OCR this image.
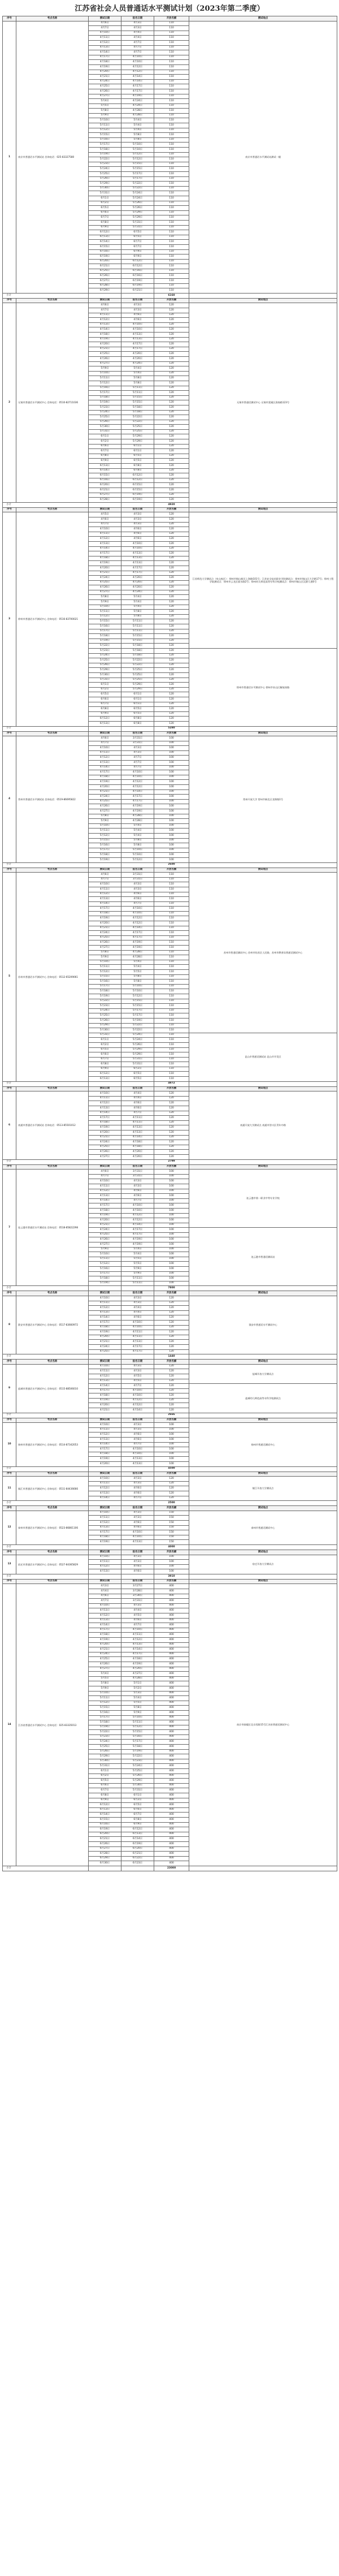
江苏省社会人员普通话水平测试计划（2023年第二季度）
序号	考点名称	测试日期	报名日期	开放名额	测试地点
1	南京市普通话水平测试站 咨询电话：025-83327580	4月6日	4月3日	110	南京市普通话水平测试站测试一楼
		4月7日	4月3日	110	
		4月10日	4月4日	110	
		4月11日	4月4日	110	
		4月12日	4月7日	110	
		4月13日	4月7日	110	
		4月14日	4月7日	110	
		4月17日	4月10日	110	
		4月18日	4月10日	110	
		4月19日	4月12日	110	
		4月20日	4月12日	110	
		4月21日	4月14日	110	
		4月24日	4月14日	110	
		4月25日	4月17日	110	
		4月26日	4月17日	110	
		4月27日	4月19日	110	
		5月4日	4月24日	110	
		5月5日	4月24日	110	
		5月8日	4月28日	110	
		5月9日	4月28日	110	
		5月10日	5月4日	110	
		5月11日	5月4日	110	
		5月12日	5月4日	110	
		5月15日	5月8日	110	
		5月16日	5月8日	110	
		5月17日	5月10日	110	
		5月18日	5月10日	110	
		5月19日	5月12日	110	
		5月22日	5月12日	110	
		5月23日	5月15日	110	
		5月24日	5月15日	110	
		5月25日	5月17日	110	
		5月26日	5月17日	110	
		5月29日	5月22日	110	
		5月30日	5月22日	110	
		5月31日	5月24日	110	
		6月1日	5月24日	110	
		6月2日	5月26日	110	
		6月5日	5月26日	110	
		6月6日	5月29日	110	
		6月7日	5月29日	110	
		6月8日	5月31日	110	
		6月9日	5月31日	110	
		6月12日	6月5日	110	
		6月13日	6月5日	110	
		6月14日	6月7日	110	
		6月15日	6月7日	110	
		6月16日	6月9日	110	
		6月19日	6月9日	110	
		6月20日	6月12日	110	
		6月21日	6月12日	110	
		6月25日	6月16日	110	
		6月26日	6月16日	110	
		6月27日	6月19日	110	
		6月28日	6月19日	110	
		6月29日	6月21日	110	
小计				6160	
序号	考点名称	测试日期	报名日期	开放名额	测试地点
2	无锡市普通话水平测试中心 咨询电话：0510-82711036	4月6日	4月3日	120	无锡市普通话测试中心 无锡市梁溪区清扬路123号
		4月7日	4月3日	120	
		4月11日	4月6日	120	
		4月12日	4月6日	120	
		4月13日	4月10日	120	
		4月14日	4月10日	120	
		4月18日	4月13日	120	
		4月19日	4月13日	120	
		4月20日	4月17日	120	
		4月21日	4月17日	120	
		4月25日	4月20日	120	
		4月26日	4月20日	120	
		4月27日	4月24日	120	
		5月9日	5月4日	120	
		5月10日	5月4日	120	
		5月11日	5月8日	120	
		5月12日	5月8日	120	
		5月16日	5月11日	120	
		5月17日	5月11日	120	
		5月18日	5月15日	120	
		5月19日	5月15日	120	
		5月23日	5月18日	120	
		5月24日	5月18日	120	
		5月25日	5月22日	120	
		5月26日	5月22日	120	
		5月30日	5月25日	120	
		5月31日	5月25日	120	
		6月1日	5月29日	120	
		6月2日	5月29日	120	
		6月6日	6月1日	120	
		6月7日	6月1日	120	
		6月8日	6月5日	120	
		6月9日	6月5日	120	
		6月13日	6月8日	120	
		6月14日	6月8日	120	
		6月15日	6月12日	120	
		6月16日	6月12日	120	
		6月20日	6月15日	120	
		6月21日	6月15日	120	
		6月27日	6月19日	120	
		6月28日	6月19日	120	
小计				4920	
序号	考点名称	测试日期	报名日期	开放名额	测试地点
3	徐州市普通话水平测试中心 咨询电话：0516-83700021	4月5日	4月3日	120	江苏师范大学测试点（泉山校区）：徐州市铜山新区上海路101号；江苏安全技术职业学院测试点：徐州市铜山区大学路17号；徐州工程学院测试点：徐州市云龙区丽水路2号；徐州幼儿师范高等专科学校测试点：徐州市铜山区汉源大道6号
		4月6日	4月3日	120	
		4月7日	4月3日	120	
		4月10日	4月6日	120	
		4月11日	4月6日	120	
		4月12日	4月6日	120	
		4月13日	4月10日	120	
		4月14日	4月10日	120	
		4月17日	4月13日	120	
		4月18日	4月13日	120	
		4月19日	4月13日	120	
		4月20日	4月17日	120	
		4月21日	4月17日	120	
		4月24日	4月20日	120	
		4月25日	4月20日	120	
		4月26日	4月20日	120	
		4月27日	4月24日	120	
		5月8日	5月4日	120	
		5月9日	5月4日	120	
		5月10日	5月4日	120	
		5月11日	5月8日	120	
		5月12日	5月8日	120	
		5月15日	5月11日	120	
		5月16日	5月11日	120	
		5月17日	5月11日	120	
		5月18日	5月15日	120	
		5月19日	5月15日	120	
		5月22日	5月18日	120	
		5月23日	5月18日	120	徐州市普通话水平测试中心 徐州市泉山区解放南路
		5月24日	5月18日	120	
		5月25日	5月22日	120	
		5月26日	5月22日	120	
		5月29日	5月25日	120	
		5月30日	5月25日	120	
		5月31日	5月25日	120	
		6月1日	5月29日	120	
		6月2日	5月29日	120	
		6月5日	6月1日	120	
		6月6日	6月1日	120	
		6月7日	6月1日	120	
		6月8日	6月5日	120	
		6月9日	6月5日	120	
		6月12日	6月8日	120	
		6月13日	6月8日	120	
小计				5280	
序号	考点名称	测试日期	报名日期	开放名额	测试地点
4	常州市普通话水平测试站 咨询电话：0519-86695822	4月6日	3月31日	100	常州开放大学 常州市新北区龙锦路1号
		4月7日	3月31日	100	
		4月10日	4月3日	100	
		4月11日	4月3日	100	
		4月12日	4月7日	100	
		4月13日	4月7日	100	
		4月14日	4月7日	100	
		4月17日	4月10日	100	
		4月18日	4月10日	100	
		4月19日	4月12日	100	
		4月20日	4月12日	100	
		4月21日	4月14日	100	
		4月24日	4月17日	100	
		4月25日	4月17日	100	
		4月26日	4月19日	100	
		4月27日	4月19日	100	
		5月8日	4月28日	100	
		5月9日	4月28日	100	
		5月10日	5月4日	100	
		5月11日	5月4日	100	
		5月12日	5月4日	100	
		5月15日	5月8日	100	
		5月16日	5月8日	100	
		5月17日	5月10日	100	
		5月18日	5月10日	100	
		5月19日	5月12日	100	
小计				2600	
序号	考点名称	测试日期	报名日期	开放名额	测试地点
5	苏州市普通话水平测试中心 咨询电话：0512-65209061	4月6日	3月31日	110	苏州市普通话测试中心 苏州市姑苏区人民路，苏州市教育局普通话测试中心
		4月7日	3月31日	110	
		4月10日	4月3日	110	
		4月11日	4月3日	110	
		4月12日	4月6日	110	
		4月13日	4月6日	110	
		4月14日	4月7日	110	
		4月17日	4月10日	110	
		4月18日	4月10日	110	
		4月19日	4月12日	110	
		4月20日	4月12日	110	
		4月21日	4月14日	110	
		4月24日	4月17日	110	
		4月25日	4月17日	110	
		4月26日	4月19日	110	
		4月27日	4月19日	110	
		5月8日	4月28日	110	
		5月9日	4月28日	110	
		5月10日	5月4日	110	
		5月11日	5月4日	110	
		5月12日	5月5日	110	
		5月15日	5月8日	110	
		5月16日	5月8日	110	
		5月17日	5月10日	110	
		5月18日	5月10日	110	
		5月19日	5月12日	110	
		5月22日	5月15日	110	
		5月23日	5月15日	110	
		5月24日	5月17日	110	
		5月25日	5月17日	110	
		5月26日	5月19日	110	
		5月29日	5月22日	110	
		5月30日	5月22日	110	
		5月31日	5月24日	110	昆山市普通话测试站 昆山市开发区
		6月1日	5月24日	110	
		6月2日	5月26日	110	
		6月5日	5月29日	110	
		6月6日	5月29日	110	
		6月7日	5月31日	110	
		6月8日	5月31日	110	
		6月9日	6月2日	110	
		6月12日	6月5日	110	
		6月13日	6月5日	110	
小计				4972	
序号	考点名称	测试日期	报名日期	开放名额	测试地点
6	南通市普通话水平测试站 咨询电话：0513-85501012	4月10日	4月4日	120	南通开放大学测试点 南通市崇川区青年中路
		4月11日	4月4日	120	
		4月12日	4月6日	120	
		4月13日	4月6日	120	
		4月14日	4月7日	120	
		4月17日	4月11日	120	
		4月18日	4月11日	120	
		4月19日	4月13日	120	
		4月20日	4月13日	120	
		4月21日	4月14日	120	
		4月24日	4月18日	120	
		4月25日	4月18日	120	
		4月26日	4月20日	120	
		4月27日	4月20日	120	
小计				2799	
序号	考点名称	测试日期	报名日期	开放名额	测试地点
7	连云港市普通话水平测试站 咨询电话：0518-85822298	4月6日	3月31日	100	连云港市第一职业中等专业学校
		4月7日	3月31日	100	
		4月10日	4月3日	100	
		4月11日	4月3日	100	
		4月12日	4月6日	100	
		4月13日	4月6日	100	
		4月14日	4月7日	100	
		4月17日	4月10日	100	
		4月18日	4月10日	100	
		4月19日	4月12日	100	
		4月20日	4月12日	100	
		4月21日	4月14日	100	
		4月24日	4月17日	100	连云港市普通话测试站
		4月25日	4月17日	100	
		4月26日	4月19日	100	
		4月27日	4月19日	100	
		5月9日	5月4日	100	
		5月10日	5月4日	100	
		5月11日	5月5日	100	
		5月12日	5月5日	100	
		5月16日	5月9日	100	
		5月17日	5月9日	100	
		5月18日	5月11日	100	
		5月19日	5月11日	100	
小计				7800	
序号	考点名称	测试日期	报名日期	开放名额	测试地点
8	淮安市普通话水平测试中心 咨询电话：0517-83660972	4月10日	4月3日	120	淮安市普通话水平测试中心
		4月11日	4月3日	120	
		4月12日	4月4日	120	
		4月13日	4月4日	120	
		4月14日	4月6日	120	
		4月17日	4月10日	120	
		4月18日	4月10日	120	
		4月19日	4月11日	120	
		4月20日	4月11日	120	
		4月21日	4月13日	120	
		4月24日	4月17日	120	
		4月25日	4月17日	120	
小计				1440	
序号	考点名称	测试日期	报名日期	开放名额	测试地点
9	盐城市普通话水平测试中心 咨询电话：0515-88506010	4月10日	4月3日	120	盐城开放大学测试点
		4月11日	4月3日	120	
		4月12日	4月5日	120	
		4月13日	4月5日	120	
		4月14日	4月7日	120	盐城幼儿师范高等专科学校测试点
		4月17日	4月10日	120	
		4月18日	4月10日	120	
		4月19日	4月12日	120	
		4月20日	4月12日	120	
		4月21日	4月14日	120	
小计				2666	
序号	考点名称	测试日期	报名日期	开放名额	测试地点
10	扬州市普通话水平测试中心 咨询电话：0514-87342053	4月10日	4月3日	100	扬州市普通话测试中心
		4月11日	4月3日	100	
		4月12日	4月6日	100	
		4月13日	4月6日	100	
		4月14日	4月7日	100	
		4月17日	4月10日	100	
		4月18日	4月10日	100	
		4月19日	4月13日	100	
		4月20日	4月13日	100	
小计				4500	
序号	考点名称	测试日期	报名日期	开放名额	测试地点
11	镇江市普通话水平测试中心 咨询电话：0511-84436666	4月10日	4月3日	120	镇江开放大学测试点
		4月11日	4月3日	120	
		4月12日	4月6日	120	
		4月13日	4月6日	120	
		4月14日	4月7日	120	
小计				2500	
序号	考点名称	测试日期	报名日期	开放名额	测试地点
12	泰州市普通话水平测试中心 咨询电话：0523-86861106	4月10日	4月3日	150	泰州市普通话测试中心
		4月11日	4月3日	150	
		4月12日	4月6日	150	
		4月13日	4月6日	150	
		4月17日	4月10日	150	
		4月18日	4月10日	150	
		4月19日	4月13日	150	
小计				4000	
序号	考点名称	测试日期	报名日期	开放名额	测试地点
13	宿迁市普通话水平测试中心 咨询电话：0527-84365829	4月10日	4月3日	100	宿迁开放大学测试点
		4月11日	4月3日	100	
		4月12日	4月6日	100	
		4月13日	4月6日	100	
小计				3910	
序号	考点名称	测试日期	报名日期	开放名额	测试地点
14	江苏省普通话水平测试中心 咨询电话：025-83335013	4月3日	3月27日	400	南京市鼓楼区北京西路15号江苏省普通话测试中心
		4月4日	3月28日	400	
		4月6日	3月30日	400	
		4月7日	3月31日	400	
		4月10日	4月3日	400	
		4月11日	4月4日	400	
		4月12日	4月5日	400	
		4月13日	4月6日	400	
		4月14日	4月7日	400	
		4月17日	4月10日	400	
		4月18日	4月11日	400	
		4月19日	4月12日	400	
		4月20日	4月13日	400	
		4月21日	4月14日	400	
		4月24日	4月17日	400	
		4月25日	4月18日	400	
		4月26日	4月19日	400	
		4月27日	4月20日	400	
		5月4日	4月27日	400	
		5月5日	4月28日	400	
		5月8日	5月1日	400	
		5月9日	5月2日	400	
		5月10日	5月3日	400	
		5月11日	5月4日	400	
		5月12日	5月5日	400	
		5月15日	5月8日	400	
		5月16日	5月9日	400	
		5月17日	5月10日	400	
		5月18日	5月11日	400	
		5月19日	5月12日	400	
		5月22日	5月15日	400	
		5月23日	5月16日	400	
		5月24日	5月17日	400	
		5月25日	5月18日	400	
		5月26日	5月19日	400	
		5月29日	5月22日	400	
		5月30日	5月23日	400	
		5月31日	5月24日	400	
		6月1日	5月25日	400	
		6月2日	5月26日	400	
		6月5日	5月29日	400	
		6月6日	5月30日	400	
		6月7日	5月31日	400	
		6月8日	6月1日	400	
		6月9日	6月2日	400	
		6月12日	6月5日	400	
		6月13日	6月6日	400	
		6月14日	6月7日	400	
		6月15日	6月8日	400	
		6月16日	6月9日	400	
		6月19日	6月12日	400	
		6月20日	6月13日	400	
		6月21日	6月14日	400	
		6月26日	6月19日	400	
		6月27日	6月20日	400	
		6月28日	6月21日	400	
		6月29日	6月22日	400	
		6月30日	6月23日	400	
小计				23000	
